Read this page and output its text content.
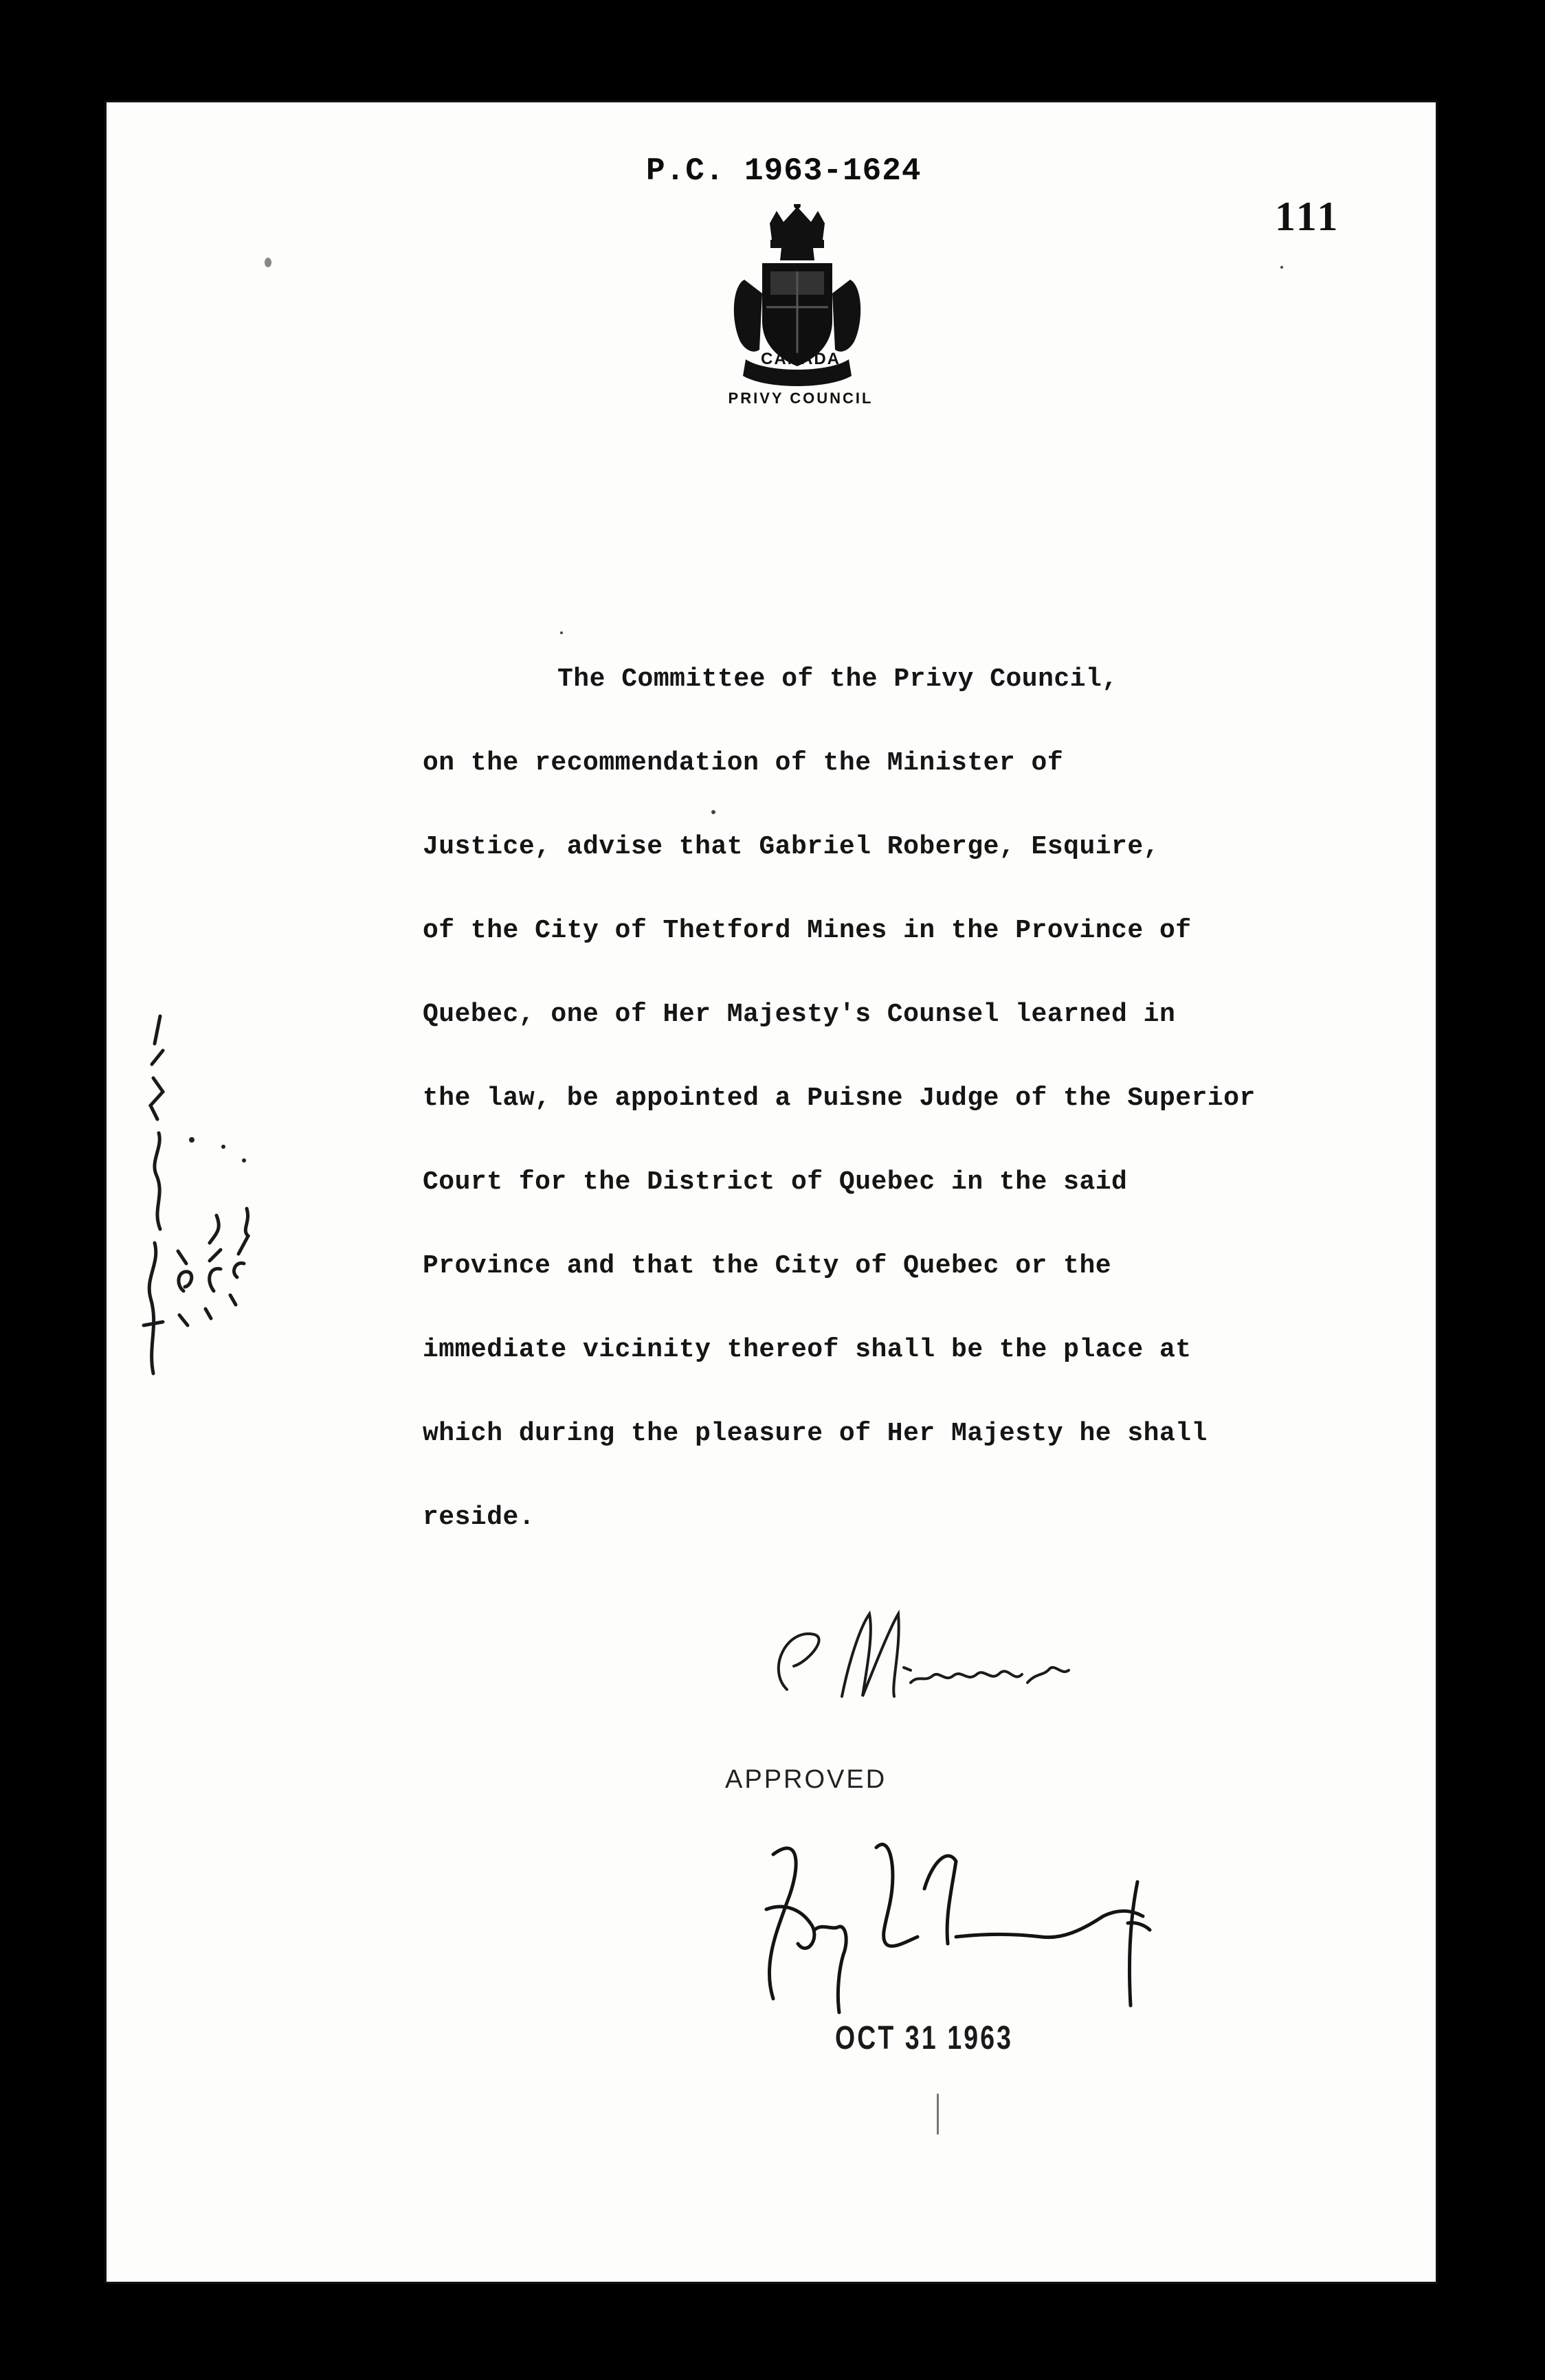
P.C. 1963-1624
111
CANADA
PRIVY COUNCIL
The Committee of the Privy Council,
on the recommendation of the Minister of
Justice, advise that Gabriel Roberge, Esquire,
of the City of Thetford Mines in the Province of
Quebec, one of Her Majesty's Counsel learned in
the law, be appointed a Puisne Judge of the Superior
Court for the District of Quebec in the said
Province and that the City of Quebec or the
immediate vicinity thereof shall be the place at
which during the pleasure of Her Majesty he shall
reside.
APPROVED
OCT 31 1963
